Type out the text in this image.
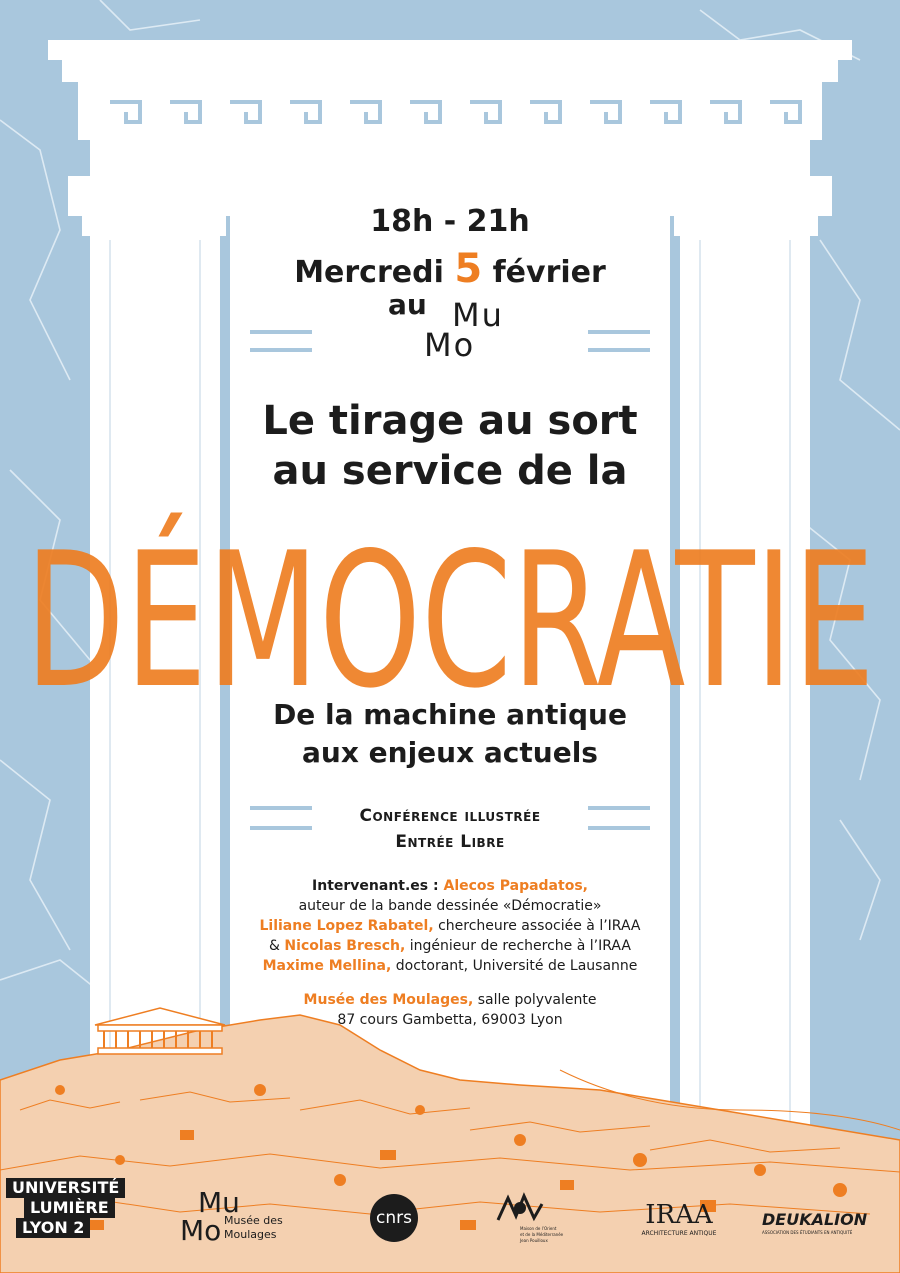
18h - 21h
Mercredi 5 février
au Mu
Mo
Le tirage au sort
au service de la
DÉMOCRATIE
De la machine antique
aux enjeux actuels
Conférence illustrée
Entrée Libre
Intervenant.es : Alecos Papadatos,
auteur de la bande dessinée «Démocratie»
Liliane Lopez Rabatel, chercheure associée à l’IRAA
& Nicolas Bresch, ingénieur de recherche à l’IRAA
Maxime Mellina, doctorant, Université de Lausanne
Musée des Moulages, salle polyvalente
87 cours Gambetta, 69003 Lyon
UNIVERSITÉ
LUMIÈRE
LYON 2
Mu
Mo Musée des
Moulages
cnrs
Maison de l’Orient
et de la Méditerranée
Jean Pouilloux
IRAA
ARCHITECTURE ANTIQUE
DEUKALION
ASSOCIATION DES ÉTUDIANTS EN ANTIQUITÉ
